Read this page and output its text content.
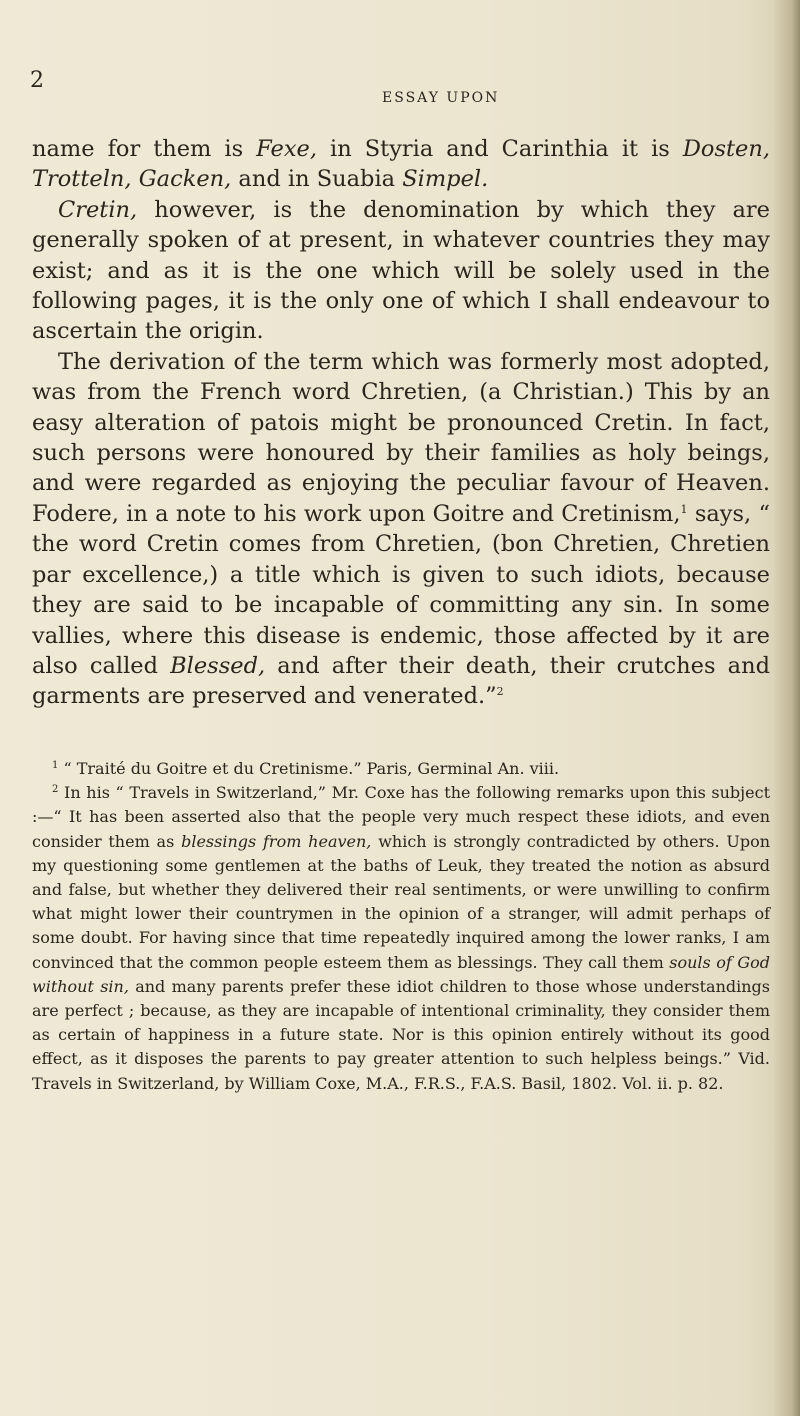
2
ESSAY UPON

name for them is Fexe, in Styria and Carinthia it is Dosten, Trotteln, Gacken, and in Suabia Simpel.

Cretin, however, is the denomination by which they are generally spoken of at present, in whatever countries they may exist; and as it is the one which will be solely used in the following pages, it is the only one of which I shall endeavour to ascertain the origin.

The derivation of the term which was formerly most adopted, was from the French word Chretien, (a Christian.) This by an easy alteration of patois might be pronounced Cretin. In fact, such persons were honoured by their families as holy beings, and were regarded as enjoying the peculiar favour of Heaven. Fodere, in a note to his work upon Goitre and Cretinism,$^1$ says, “ the word Cretin comes from Chretien, (bon Chretien, Chretien par excellence,) a title which is given to such idiots, because they are said to be incapable of committing any sin. In some vallies, where this disease is endemic, those affected by it are also called Blessed, and after their death, their crutches and garments are preserved and venerated.”$^2$

$^1$ “ Traité du Goitre et du Cretinisme.” Paris, Germinal An. viii.

$^2$ In his “ Travels in Switzerland,” Mr. Coxe has the following remarks upon this subject :—“ It has been asserted also that the people very much respect these idiots, and even consider them as blessings from heaven, which is strongly contradicted by others. Upon my questioning some gentlemen at the baths of Leuk, they treated the notion as absurd and false, but whether they delivered their real sentiments, or were unwilling to confirm what might lower their countrymen in the opinion of a stranger, will admit perhaps of some doubt. For having since that time repeatedly inquired among the lower ranks, I am convinced that the common people esteem them as blessings. They call them souls of God without sin, and many parents prefer these idiot children to those whose understandings are perfect ; because, as they are incapable of intentional criminality, they consider them as certain of happiness in a future state. Nor is this opinion entirely without its good effect, as it disposes the parents to pay greater attention to such helpless beings.” Vid. Travels in Switzerland, by William Coxe, M.A., F.R.S., F.A.S. Basil, 1802. Vol. ii. p. 82.
